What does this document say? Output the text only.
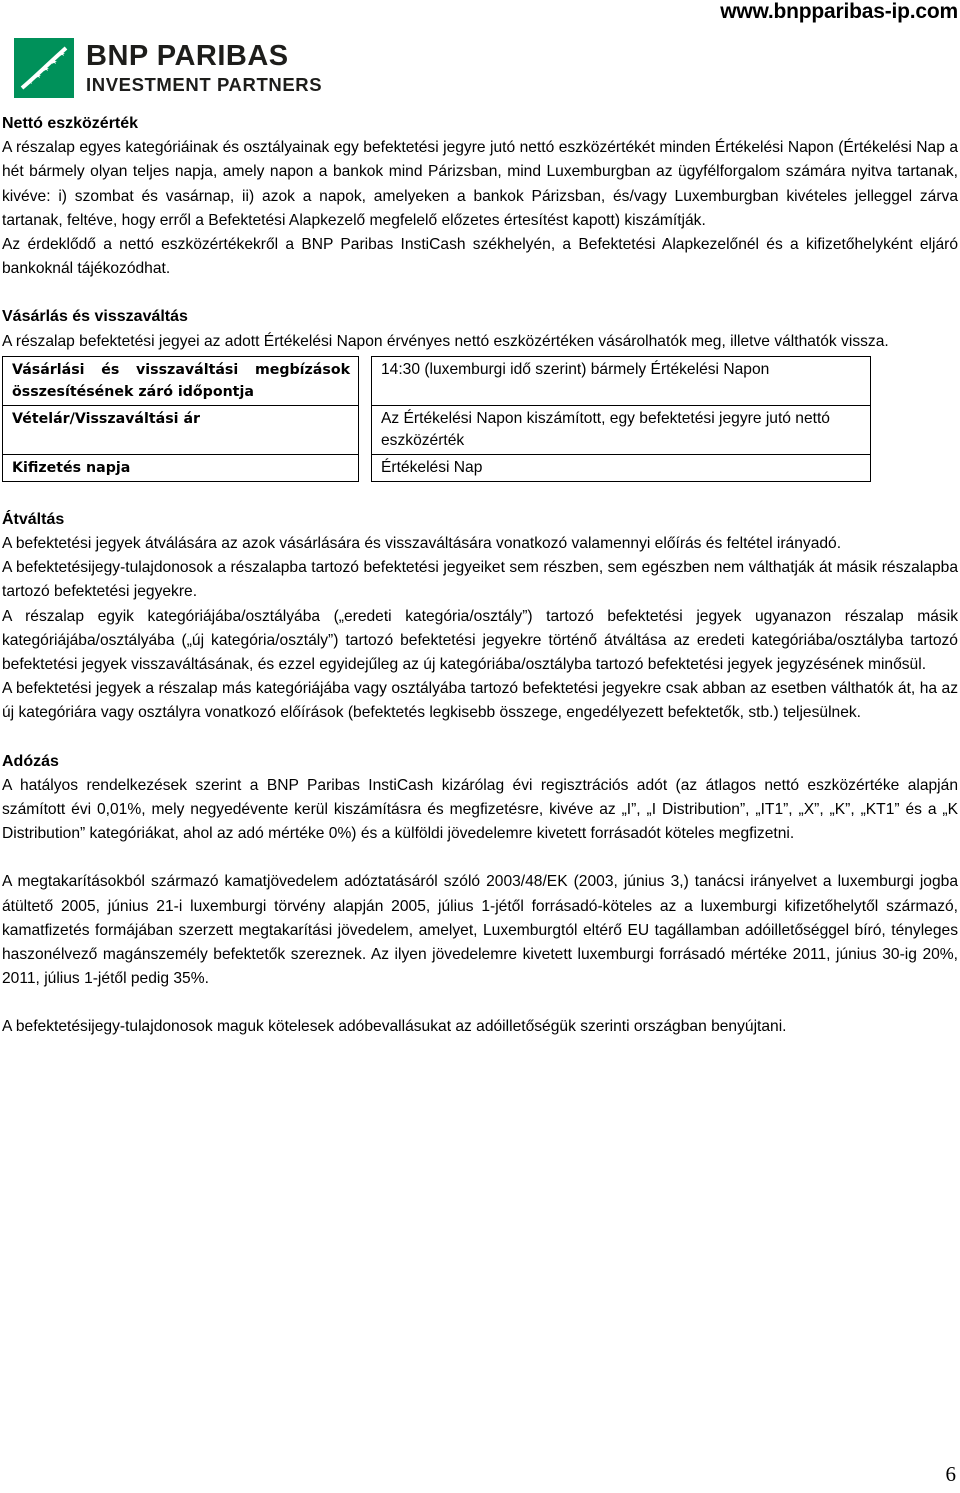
www.bnpparibas-ip.com
BNP PARIBAS
INVESTMENT PARTNERS
Nettó eszközérték

A részalap egyes kategóriáinak és osztályainak egy befektetési jegyre jutó nettó eszközértékét minden Értékelési Napon (Értékelési Nap a hét bármely olyan teljes napja, amely napon a bankok mind Párizsban, mind Luxemburgban az ügyfélforgalom számára nyitva tartanak, kivéve: i) szombat és vasárnap, ii) azok a napok, amelyeken a bankok Párizsban, és/vagy Luxemburgban kivételes jelleggel zárva tartanak, feltéve, hogy erről a Befektetési Alapkezelő megfelelő előzetes értesítést kapott) kiszámítják.

Az érdeklődő a nettó eszközértékekről a BNP Paribas InstiCash székhelyén, a Befektetési Alapkezelőnél és a kifizetőhelyként eljáró bankoknál tájékozódhat.

Vásárlás és visszaváltás

A részalap befektetési jegyei az adott Értékelési Napon érvényes nettó eszközértéken vásárolhatók meg, illetve válthatók vissza.

Vásárlási és visszaváltási megbízások összesítésének záró időpontja		14:30 (luxemburgi idő szerint) bármely Értékelési Napon
Vételár/Visszaváltási ár		Az Értékelési Napon kiszámított, egy befektetési jegyre jutó nettó eszközérték
Kifizetés napja		Értékelési Nap
Átváltás

A befektetési jegyek átválására az azok vásárlására és visszaváltására vonatkozó valamennyi előírás és feltétel irányadó.

A befektetésijegy-tulajdonosok a részalapba tartozó befektetési jegyeiket sem részben, sem egészben nem válthatják át másik részalapba tartozó befektetési jegyekre.

A részalap egyik kategóriájába/osztályába („eredeti kategória/osztály”) tartozó befektetési jegyek ugyanazon részalap másik kategóriájába/osztályába („új kategória/osztály”) tartozó befektetési jegyekre történő átváltása az eredeti kategóriába/osztályba tartozó befektetési jegyek visszaváltásának, és ezzel egyidejűleg az új kategóriába/osztályba tartozó befektetési jegyek jegyzésének minősül.

A befektetési jegyek a részalap más kategóriájába vagy osztályába tartozó befektetési jegyekre csak abban az esetben válthatók át, ha az új kategóriára vagy osztályra vonatkozó előírások (befektetés legkisebb összege, engedélyezett befektetők, stb.) teljesülnek.

Adózás

A hatályos rendelkezések szerint a BNP Paribas InstiCash kizárólag évi regisztrációs adót (az átlagos nettó eszközértéke alapján számított évi 0,01%, mely negyedévente kerül kiszámításra és megfizetésre, kivéve az „I”, „I Distribution”, „IT1”, „X”, „K”, „KT1” és a „K Distribution” kategóriákat, ahol az adó mértéke 0%) és a külföldi jövedelemre kivetett forrásadót köteles megfizetni.

A megtakarításokból származó kamatjövedelem adóztatásáról szóló 2003/48/EK (2003, június 3,) tanácsi irányelvet a luxemburgi jogba átültető 2005, június 21-i luxemburgi törvény alapján 2005, július 1-jétől forrásadó-köteles az a luxemburgi kifizetőhelytől származó, kamatfizetés formájában szerzett megtakarítási jövedelem, amelyet, Luxemburgtól eltérő EU tagállamban adóilletőséggel bíró, tényleges haszonélvező magánszemély befektetők szereznek. Az ilyen jövedelemre kivetett luxemburgi forrásadó mértéke 2011, június 30-ig 20%, 2011, július 1-jétől pedig 35%.

A befektetésijegy-tulajdonosok maguk kötelesek adóbevallásukat az adóilletőségük szerinti országban benyújtani.

6
